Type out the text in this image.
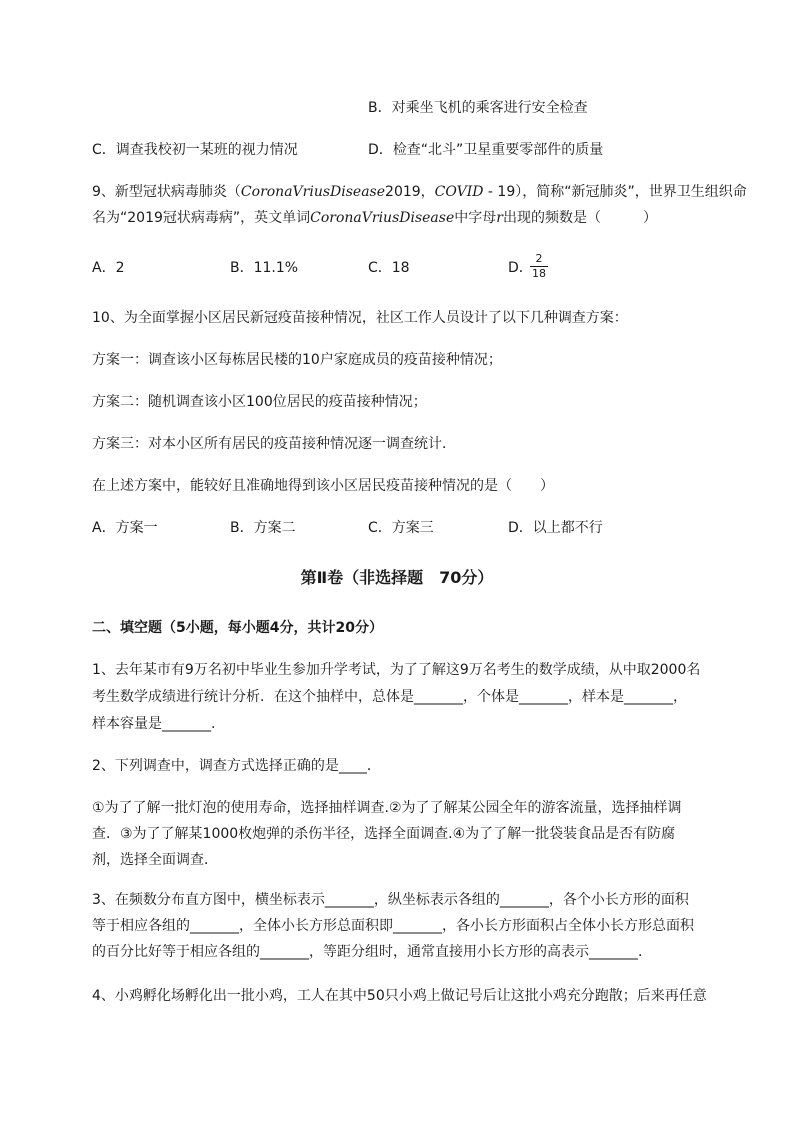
B．对乘坐飞机的乘客进行安全检查
C．调查我校初一某班的视力情况	D．检查“北斗”卫星重要零部件的质量
9、新型冠状病毒肺炎（CoronaVriusDisease2019，COVID - 19），简称“新冠肺炎”，世界卫生组织命
名为“2019冠状病毒病”，英文单词CoronaVriusDisease中字母r出现的频数是（　　　）
A．2	B．11.1%	C．18	D．
2
18
10、为全面掌握小区居民新冠疫苗接种情况，社区工作人员设计了以下几种调查方案：
方案一：调查该小区每栋居民楼的10户家庭成员的疫苗接种情况；
方案二：随机调查该小区100位居民的疫苗接种情况；
方案三：对本小区所有居民的疫苗接种情况逐一调查统计．
在上述方案中，能较好且准确地得到该小区居民疫苗接种情况的是（　　）
A．方案一	B．方案二	C．方案三	D．以上都不行
第Ⅱ卷（非选择题　70分）
二、填空题（5小题，每小题4分，共计20分）
1、去年某市有9万名初中毕业生参加升学考试，为了了解这9万名考生的数学成绩，从中取2000名
考生数学成绩进行统计分析．在这个抽样中，总体是_______，个体是_______，样本是_______，
样本容量是_______.
2、下列调查中，调查方式选择正确的是____．
①为了了解一批灯泡的使用寿命，选择抽样调查.②为了了解某公园全年的游客流量，选择抽样调
查．③为了了解某1000枚炮弹的杀伤半径，选择全面调查.④为了了解一批袋装食品是否有防腐
剂，选择全面调查．
3、在频数分布直方图中，横坐标表示_______，纵坐标表示各组的_______，各个小长方形的面积
等于相应各组的_______，全体小长方形总面积即_______，各小长方形面积占全体小长方形总面积
的百分比好等于相应各组的_______，等距分组时，通常直接用小长方形的高表示_______.
4、小鸡孵化场孵化出一批小鸡，工人在其中50只小鸡上做记号后让这批小鸡充分跑散；后来再任意
